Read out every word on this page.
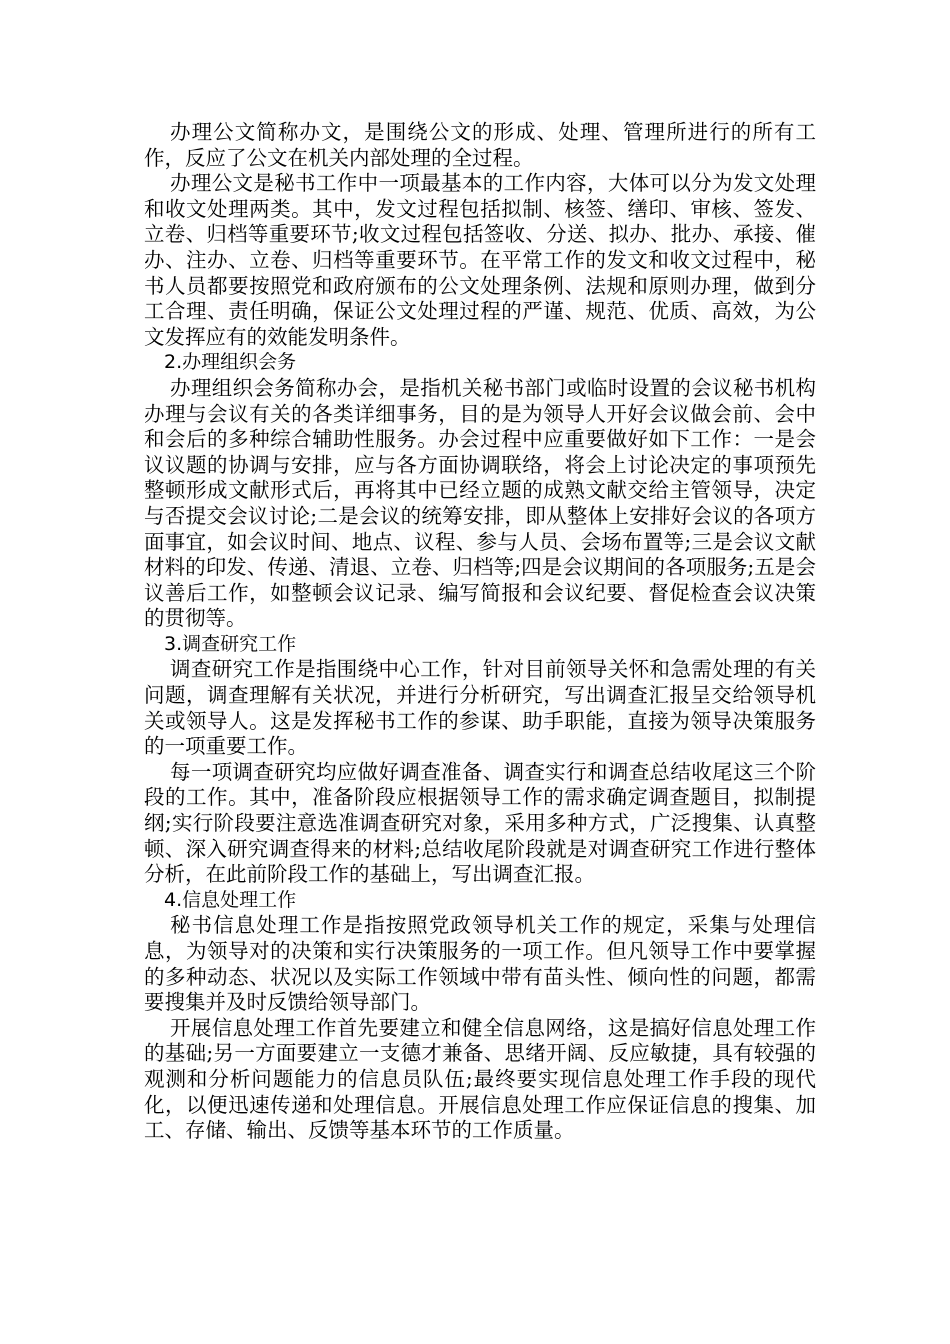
办理公文简称办文，是围绕公文的形成、处理、管理所进行的所有工作，反应了公文在机关内部处理的全过程。

办理公文是秘书工作中一项最基本的工作内容，大体可以分为发文处理和收文处理两类。其中，发文过程包括拟制、核签、缮印、审核、签发、立卷、归档等重要环节;收文过程包括签收、分送、拟办、批办、承接、催办、注办、立卷、归档等重要环节。在平常工作的发文和收文过程中，秘书人员都要按照党和政府颁布的公文处理条例、法规和原则办理，做到分工合理、责任明确，保证公文处理过程的严谨、规范、优质、高效，为公文发挥应有的效能发明条件。

2.办理组织会务

办理组织会务简称办会，是指机关秘书部门或临时设置的会议秘书机构办理与会议有关的各类详细事务，目的是为领导人开好会议做会前、会中和会后的多种综合辅助性服务。办会过程中应重要做好如下工作：一是会议议题的协调与安排，应与各方面协调联络，将会上讨论决定的事项预先整顿形成文献形式后，再将其中已经立题的成熟文献交给主管领导，决定与否提交会议讨论;二是会议的统筹安排，即从整体上安排好会议的各项方面事宜，如会议时间、地点、议程、参与人员、会场布置等;三是会议文献材料的印发、传递、清退、立卷、归档等;四是会议期间的各项服务;五是会议善后工作，如整顿会议记录、编写简报和会议纪要、督促检查会议决策的贯彻等。

3.调查研究工作

调查研究工作是指围绕中心工作，针对目前领导关怀和急需处理的有关问题，调查理解有关状况，并进行分析研究，写出调查汇报呈交给领导机关或领导人。这是发挥秘书工作的参谋、助手职能，直接为领导决策服务的一项重要工作。

每一项调查研究均应做好调查准备、调查实行和调查总结收尾这三个阶段的工作。其中，准备阶段应根据领导工作的需求确定调查题目，拟制提纲;实行阶段要注意选准调查研究对象，采用多种方式，广泛搜集、认真整顿、深入研究调查得来的材料;总结收尾阶段就是对调查研究工作进行整体分析，在此前阶段工作的基础上，写出调查汇报。

4.信息处理工作

秘书信息处理工作是指按照党政领导机关工作的规定，采集与处理信息，为领导对的决策和实行决策服务的一项工作。但凡领导工作中要掌握的多种动态、状况以及实际工作领域中带有苗头性、倾向性的问题，都需要搜集并及时反馈给领导部门。

开展信息处理工作首先要建立和健全信息网络，这是搞好信息处理工作的基础;另一方面要建立一支德才兼备、思绪开阔、反应敏捷，具有较强的观测和分析问题能力的信息员队伍;最终要实现信息处理工作手段的现代化，以便迅速传递和处理信息。开展信息处理工作应保证信息的搜集、加工、存储、输出、反馈等基本环节的工作质量。
